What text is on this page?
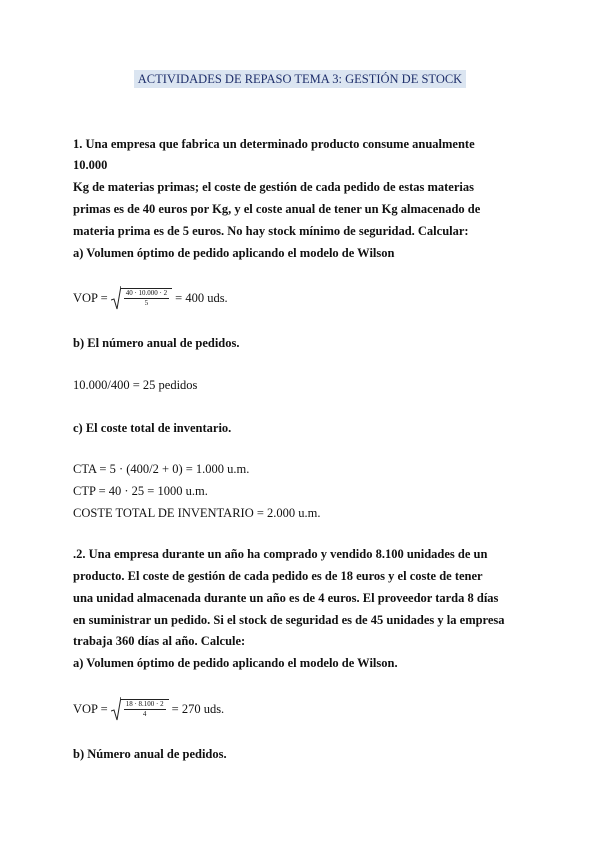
ACTIVIDADES DE REPASO TEMA 3: GESTIÓN DE STOCK
1. Una empresa que fabrica un determinado producto consume anualmente
10.000
Kg de materias primas; el coste de gestión de cada pedido de estas materias
primas es de 40 euros por Kg, y el coste anual de tener un Kg almacenado de
materia prima es de 5 euros. No hay stock mínimo de seguridad. Calcular:
a) Volumen óptimo de pedido aplicando el modelo de Wilson
VOP = $\frac{40 \cdot 10.000 \cdot 2}{5} = 400$ uds.
b) El número anual de pedidos.
10.000/400 = 25 pedidos
c) El coste total de inventario.
CTA = 5 · (400/2 + 0) = 1.000 u.m.
CTP = 40 · 25 = 1000 u.m.
COSTE TOTAL DE INVENTARIO = 2.000 u.m.
.2. Una empresa durante un año ha comprado y vendido 8.100 unidades de un
producto. El coste de gestión de cada pedido es de 18 euros y el coste de tener
una unidad almacenada durante un año es de 4 euros. El proveedor tarda 8 días
en suministrar un pedido. Si el stock de seguridad es de 45 unidades y la empresa
trabaja 360 días al año. Calcule:
a) Volumen óptimo de pedido aplicando el modelo de Wilson.
VOP = $\frac{18 \cdot 8.100 \cdot 2}{4} = 270$ uds.
b) Número anual de pedidos.
